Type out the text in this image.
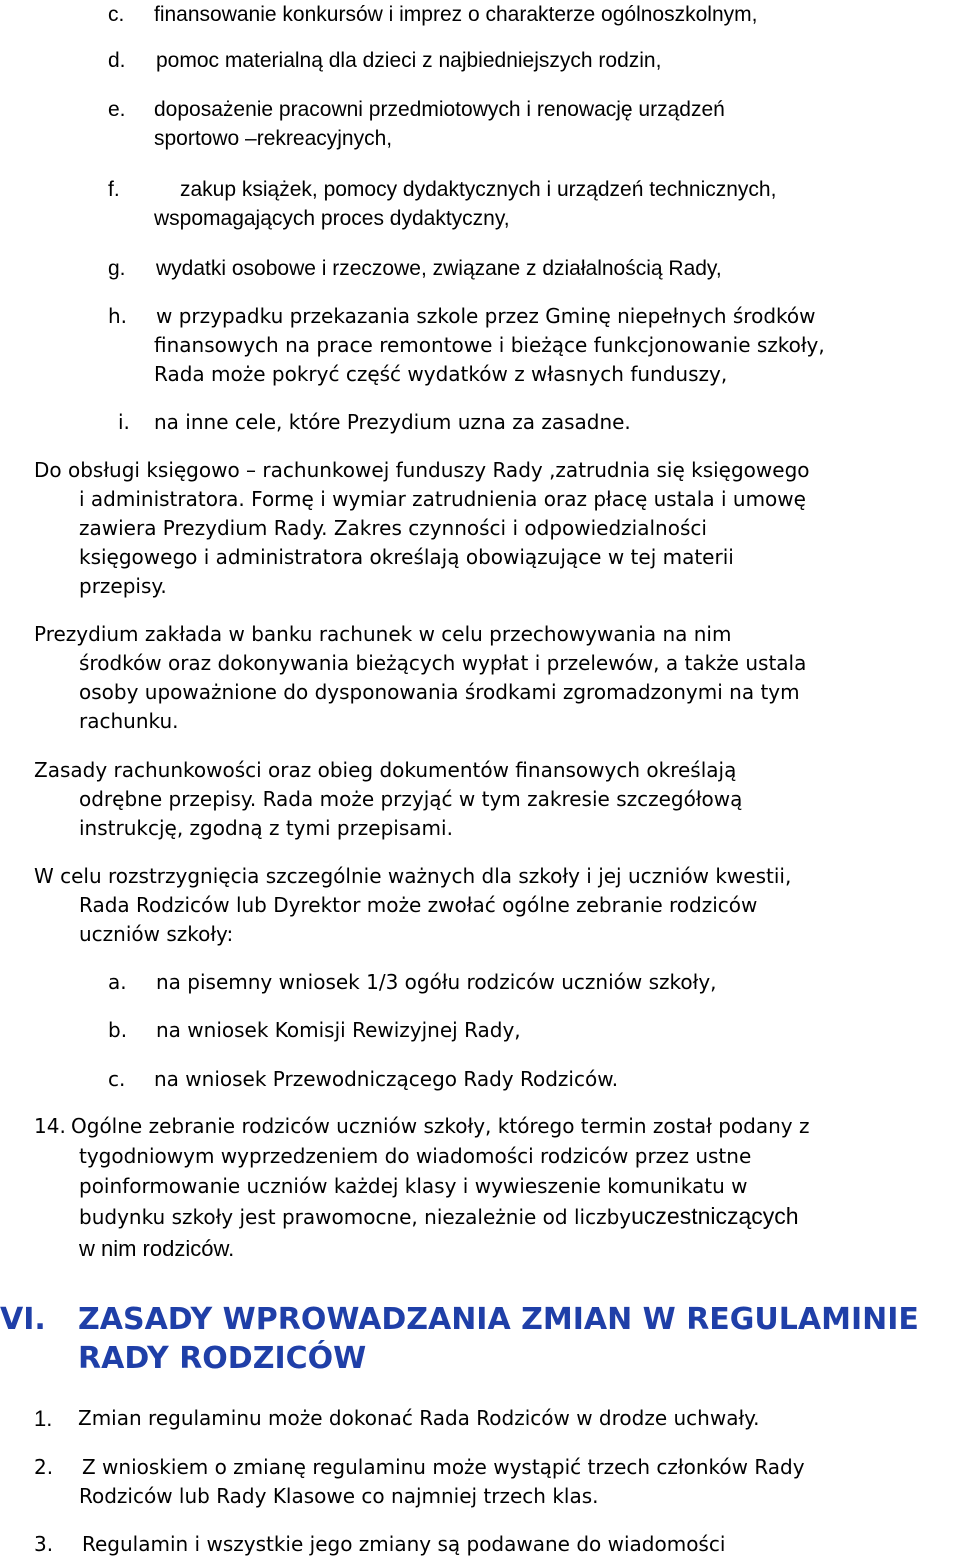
c. finansowanie konkursów i imprez o charakterze ogólnoszkolnym,
d. pomoc materialną dla dzieci z najbiedniejszych rodzin,
e. doposażenie pracowni przedmiotowych i renowację urządzeń
sportowo –rekreacyjnych,
f.	zakup książek, pomocy dydaktycznych i urządzeń technicznych,
wspomagających proces dydaktyczny,
g. wydatki osobowe i rzeczowe, związane z działalnością Rady,
h. w przypadku przekazania szkole przez Gminę niepełnych środków
finansowych na prace remontowe i bieżące funkcjonowanie szkoły,
Rada może pokryć część wydatków z własnych funduszy,
i. na inne cele, które Prezydium uzna za zasadne.
Do obsługi księgowo – rachunkowej funduszy Rady ,zatrudnia się księgowego
i administratora. Formę i wymiar zatrudnienia oraz płacę ustala i umowę
zawiera Prezydium Rady. Zakres czynności i odpowiedzialności
księgowego i administratora określają obowiązujące w tej materii
przepisy.
Prezydium zakłada w banku rachunek w celu przechowywania na nim
środków oraz dokonywania bieżących wypłat i przelewów, a także ustala
osoby upoważnione do dysponowania środkami zgromadzonymi na tym
rachunku.
Zasady rachunkowości oraz obieg dokumentów finansowych określają
odrębne przepisy. Rada może przyjąć w tym zakresie szczegółową
instrukcję, zgodną z tymi przepisami.
W celu rozstrzygnięcia szczególnie ważnych dla szkoły i jej uczniów kwestii,
Rada Rodziców lub Dyrektor może zwołać ogólne zebranie rodziców
uczniów szkoły:
a. na pisemny wniosek 1/3 ogółu rodziców uczniów szkoły,
b. na wniosek Komisji Rewizyjnej Rady,
c. na wniosek Przewodniczącego Rady Rodziców.
14. Ogólne zebranie rodziców uczniów szkoły, którego termin został podany z
tygodniowym wyprzedzeniem do wiadomości rodziców przez ustne
poinformowanie uczniów każdej klasy i wywieszenie komunikatu w
budynku szkoły jest prawomocne, niezależnie od liczbyuczestniczących
w nim rodziców.
VI. ZASADY WPROWADZANIA ZMIAN W REGULAMINIE
RADY RODZICÓW
1. Zmian regulaminu może dokonać Rada Rodziców w drodze uchwały.
2. Z wnioskiem o zmianę regulaminu może wystąpić trzech członków Rady
Rodziców lub Rady Klasowe co najmniej trzech klas.
3. Regulamin i wszystkie jego zmiany są podawane do wiadomości
